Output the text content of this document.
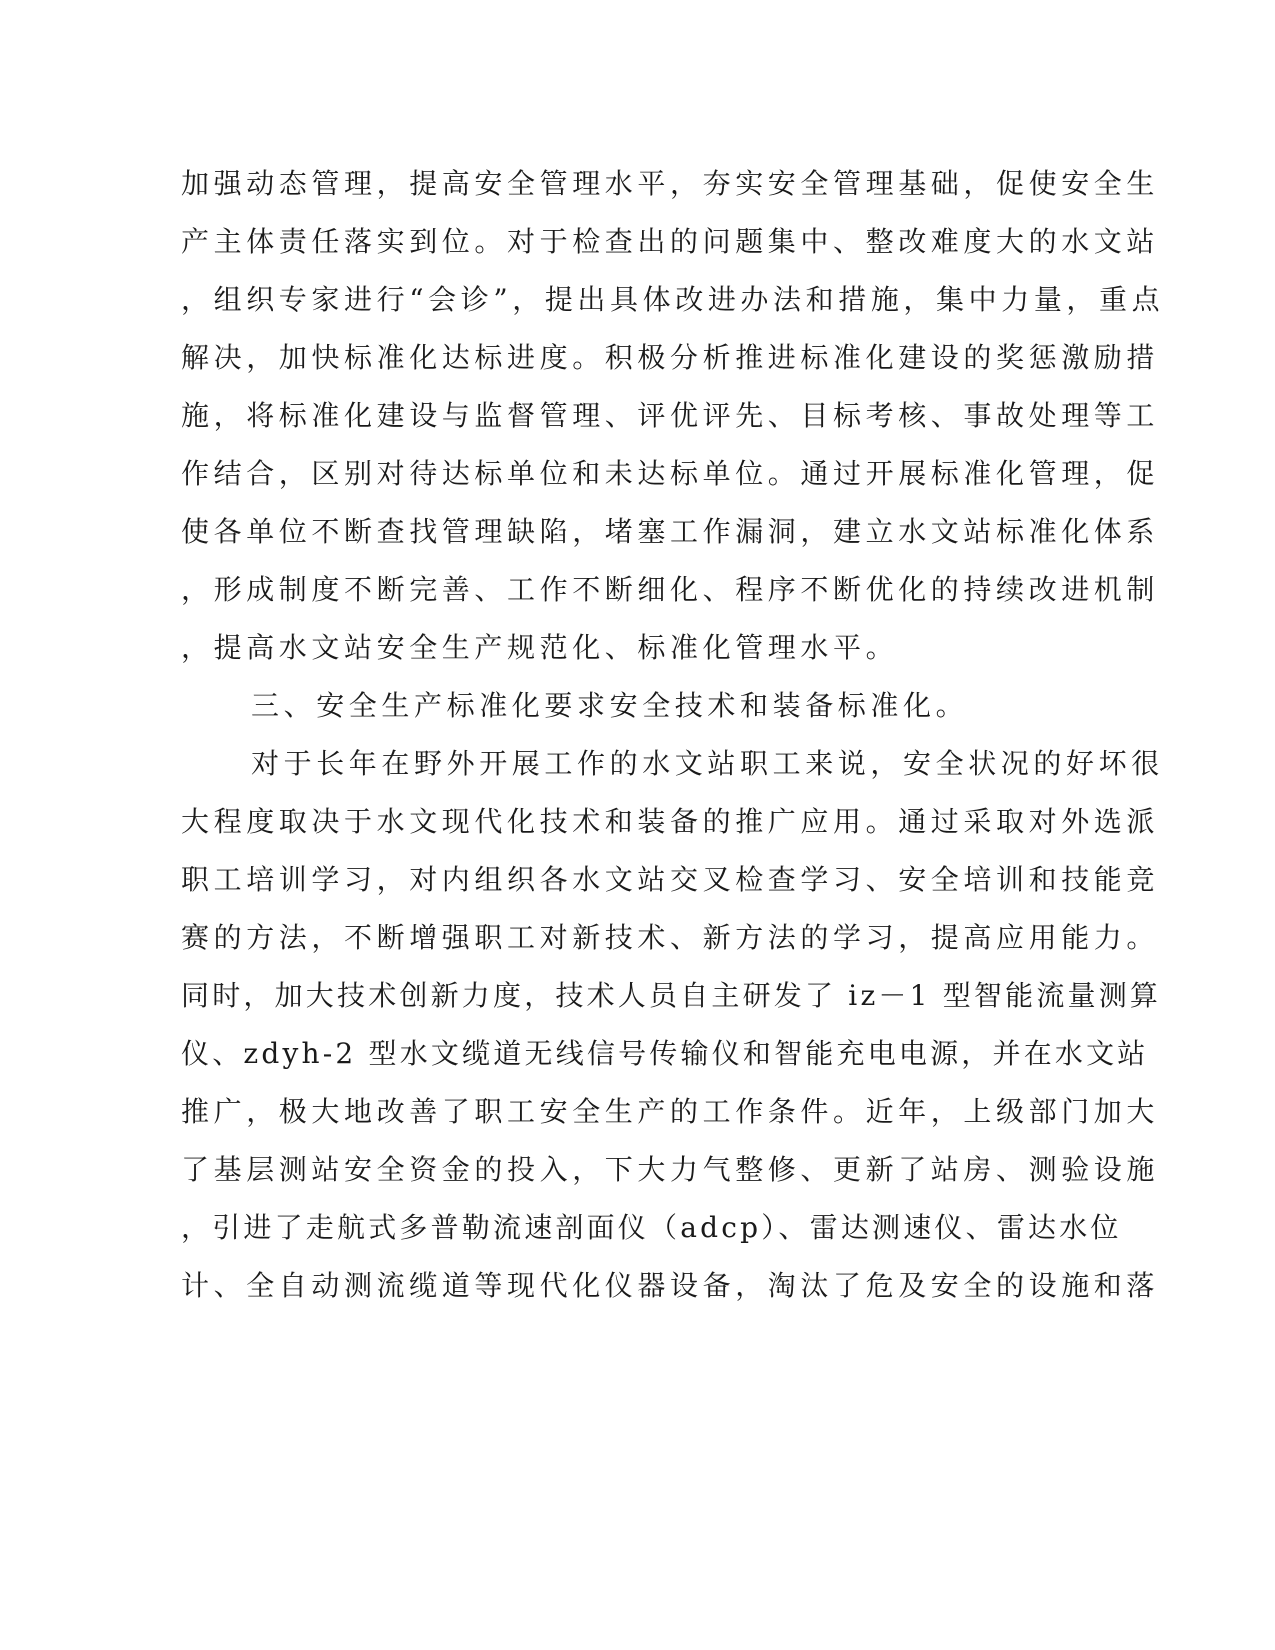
加强动态管理，提高安全管理水平，夯实安全管理基础，促使安全生
产主体责任落实到位。对于检查出的问题集中、整改难度大的水文站
，组织专家进行“会诊”，提出具体改进办法和措施，集中力量，重点
解决，加快标准化达标进度。积极分析推进标准化建设的奖惩激励措
施，将标准化建设与监督管理、评优评先、目标考核、事故处理等工
作结合，区别对待达标单位和未达标单位。通过开展标准化管理，促
使各单位不断查找管理缺陷，堵塞工作漏洞，建立水文站标准化体系
，形成制度不断完善、工作不断细化、程序不断优化的持续改进机制
，提高水文站安全生产规范化、标准化管理水平。
三、安全生产标准化要求安全技术和装备标准化。
对于长年在野外开展工作的水文站职工来说，安全状况的好坏很
大程度取决于水文现代化技术和装备的推广应用。通过采取对外选派
职工培训学习，对内组织各水文站交叉检查学习、安全培训和技能竞
赛的方法，不断增强职工对新技术、新方法的学习，提高应用能力。
同时，加大技术创新力度，技术人员自主研发了 iz－1 型智能流量测算
仪、zdyh-2 型水文缆道无线信号传输仪和智能充电电源，并在水文站
推广，极大地改善了职工安全生产的工作条件。近年，上级部门加大
了基层测站安全资金的投入，下大力气整修、更新了站房、测验设施
，引进了走航式多普勒流速剖面仪（adcp）、雷达测速仪、雷达水位
计、全自动测流缆道等现代化仪器设备，淘汰了危及安全的设施和落
